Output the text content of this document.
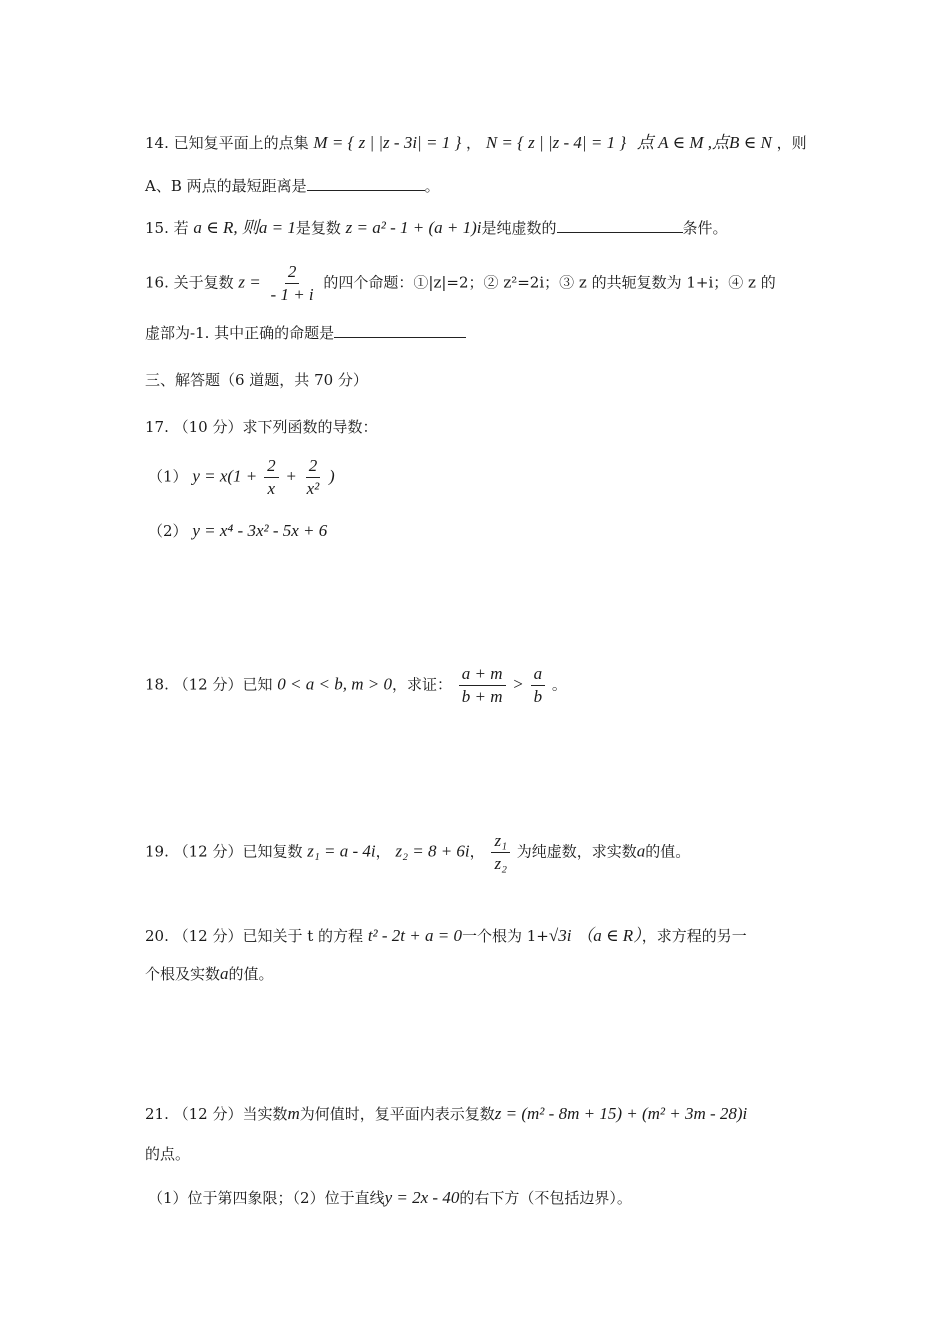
14. 已知复平面上的点集 M = { z | |z - 3i| = 1 } ， N = { z | |z - 4| = 1 } 点 A ∈ M ,点B ∈ N ，则
A、B 两点的最短距离是	。
15. 若 a ∈ R, 则a = 1是复数 z = a² - 1 + (a + 1)i是纯虚数的	条件。
16. 关于复数 $z = \frac{2}{- 1 + i}$ 的四个命题：①|z|=2；② z²=2i；③ z 的共轭复数为 1+i；④ z 的
虚部为-1. 其中正确的命题是
三、解答题（6 道题，共 70 分）
17. （10 分）求下列函数的导数：
（1） $y = x(1 + \frac{2}{x} + \frac{2}{\text{x²}}$ )
（2） y = x⁴ - 3x² - 5x + 6
18. （12 分）已知 0 < a < b, m > 0，求证： $\frac{a + m}{b + m} > \frac{a}{b}$ 。
19. （12 分）已知复数 z₁ = a - 4i， z₂ = 8 + 6i， $\frac{\text{z₁}}{\text{z₂}}$ 为纯虚数，求实数a的值。
20. （12 分）已知关于 t 的方程 t² - 2t + a = 0一个根为 1+√3i （a ∈ R），求方程的另一
个根及实数a的值。
21. （12 分）当实数m为何值时，复平面内表示复数z = (m² - 8m + 15) + (m² + 3m - 28)i
的点。
（1）位于第四象限；（2）位于直线y = 2x - 40的右下方（不包括边界）。
